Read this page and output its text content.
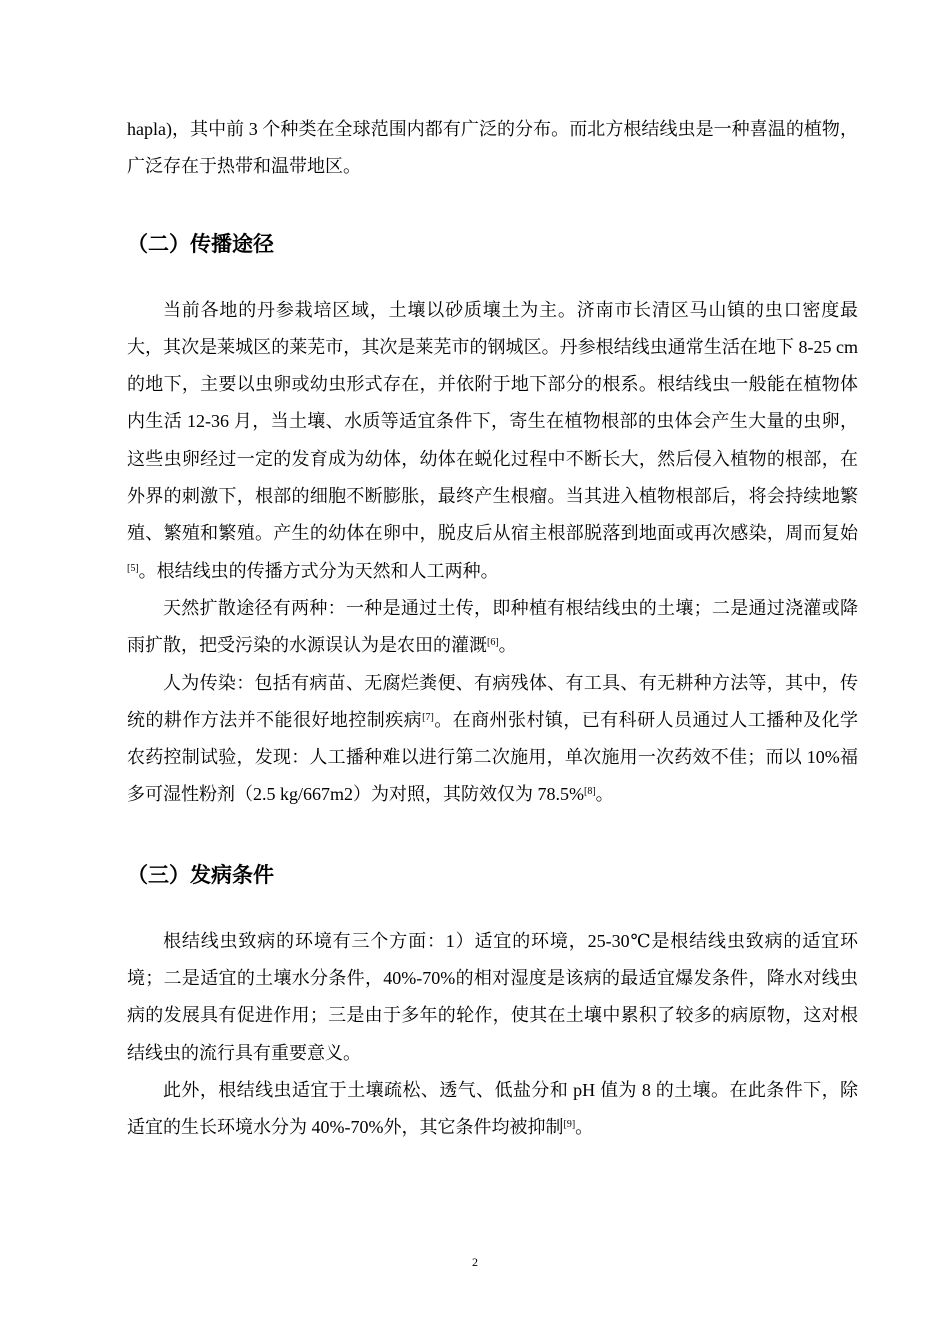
hapla)，其中前 3 个种类在全球范围内都有广泛的分布。而北方根结线虫是一种喜温的植物，广泛存在于热带和温带地区。

（二）传播途径

当前各地的丹参栽培区域，土壤以砂质壤土为主。济南市长清区马山镇的虫口密度最大，其次是莱城区的莱芜市，其次是莱芜市的钢城区。丹参根结线虫通常生活在地下 8-25 cm 的地下，主要以虫卵或幼虫形式存在，并依附于地下部分的根系。根结线虫一般能在植物体内生活 12-36 月，当土壤、水质等适宜条件下，寄生在植物根部的虫体会产生大量的虫卵，这些虫卵经过一定的发育成为幼体，幼体在蜕化过程中不断长大，然后侵入植物的根部，在外界的刺激下，根部的细胞不断膨胀，最终产生根瘤。当其进入植物根部后，将会持续地繁殖、繁殖和繁殖。产生的幼体在卵中，脱皮后从宿主根部脱落到地面或再次感染，周而复始[5]。根结线虫的传播方式分为天然和人工两种。

天然扩散途径有两种：一种是通过土传，即种植有根结线虫的土壤；二是通过浇灌或降雨扩散，把受污染的水源误认为是农田的灌溉[6]。

人为传染：包括有病苗、无腐烂粪便、有病残体、有工具、有无耕种方法等，其中，传统的耕作方法并不能很好地控制疾病[7]。在商州张村镇，已有科研人员通过人工播种及化学农药控制试验，发现：人工播种难以进行第二次施用，单次施用一次药效不佳；而以 10%福多可湿性粉剂（2.5 kg/667m2）为对照，其防效仅为 78.5%[8]。

（三）发病条件

根结线虫致病的环境有三个方面：1）适宜的环境，25-30℃是根结线虫致病的适宜环境；二是适宜的土壤水分条件，40%-70%的相对湿度是该病的最适宜爆发条件，降水对线虫病的发展具有促进作用；三是由于多年的轮作，使其在土壤中累积了较多的病原物，这对根结线虫的流行具有重要意义。

此外，根结线虫适宜于土壤疏松、透气、低盐分和 pH 值为 8 的土壤。在此条件下，除适宜的生长环境水分为 40%-70%外，其它条件均被抑制[9]。

2
